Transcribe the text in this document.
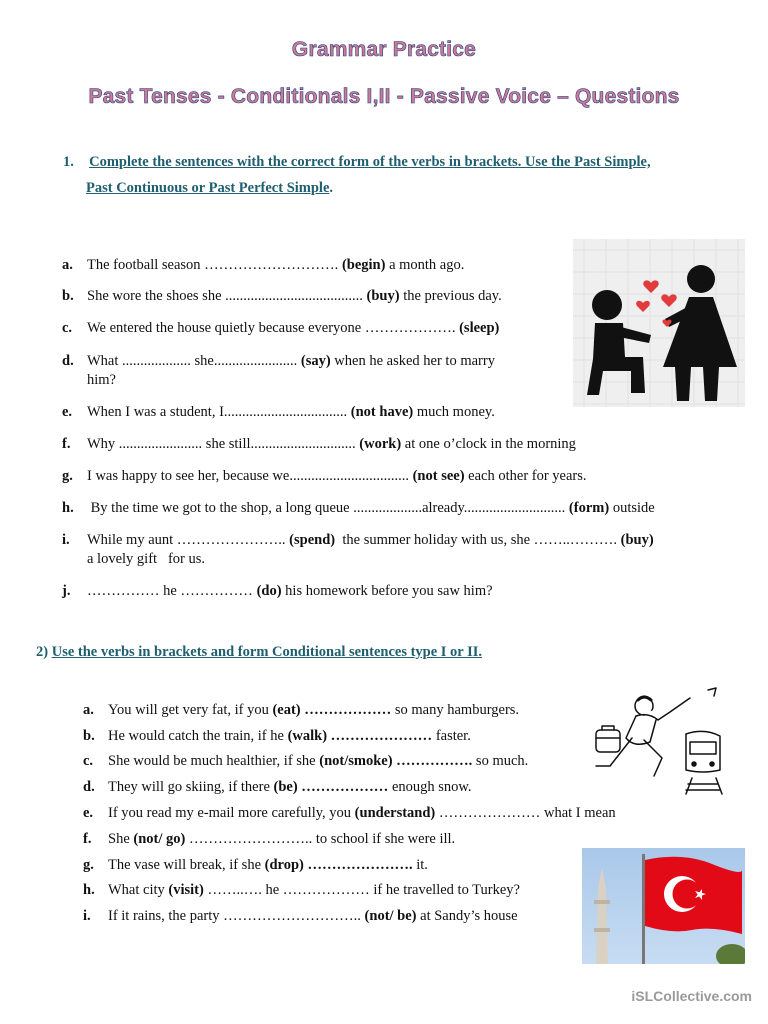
Grammar Practice
Past Tenses - Conditionals I,II - Passive Voice – Questions
1. Complete the sentences with the correct form of the verbs in brackets. Use the Past Simple,
Past Continuous or Past Perfect Simple.
a. The football season ………………………. (begin) a month ago.
b. She wore the shoes she ...................................... (buy) the previous day.
c.	We entered the house quietly because everyone ………………. (sleep)
d. What ................... she....................... (say) when he asked her to marry
him?
e.	When I was a student, I.................................. (not have) much money.
f.	Why ....................... she still............................. (work) at one o’clock in the morning
g. I was happy to see her, because we................................. (not see) each other for years.
h. By the time we got to the shop, a long queue ...................already............................ (form) outside
i.	While my aunt ………………….. (spend)  the summer holiday with us, she ……..………. (buy)
a lovely gift   for us.
j.	…………… he …………… (do) his homework before you saw him?
2) Use the verbs in brackets and form Conditional sentences type I or II.
a. You will get very fat, if you (eat) ……………… so many hamburgers.
b. He would catch the train, if he (walk) ………………… faster.
c.	She would be much healthier, if she (not/smoke) ……………. so much.
d. They will go skiing, if there (be) ……………… enough snow.
e.	If you read my e-mail more carefully, you (understand) ………………… what I mean
f.	She (not/ go) …………………….. to school if she were ill.
g. The vase will break, if she (drop) …………………. it.
h. What city (visit) ……..…. he ……………… if he travelled to Turkey?
i.	If it rains, the party ……………………….. (not/ be) at Sandy’s house
iSLCollective.com
